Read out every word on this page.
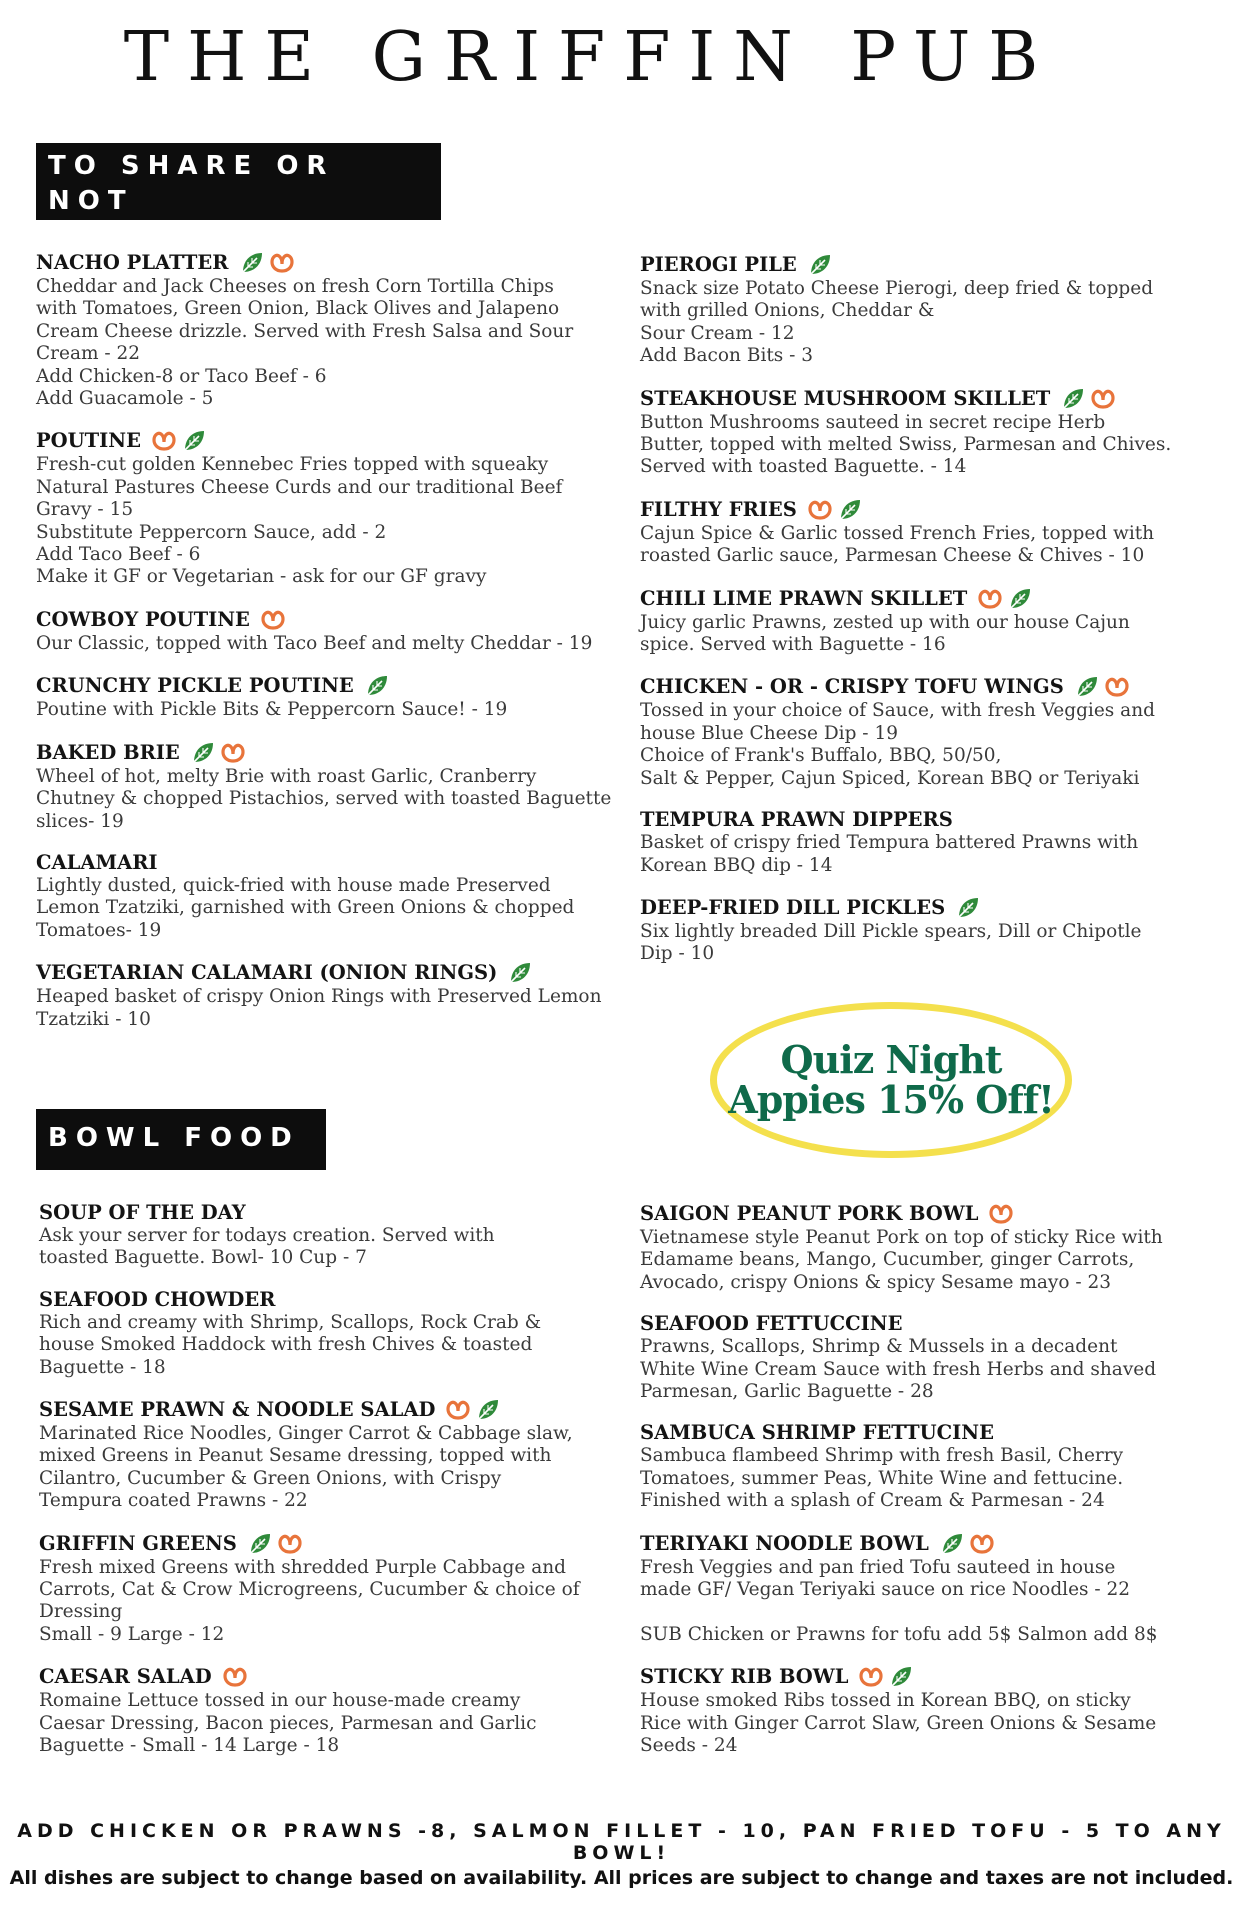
THE GRIFFIN PUB
TO SHARE OR NOT
TO SHARE
NACHO PLATTER
Cheddar and Jack Cheeses on fresh Corn Tortilla Chips
with Tomatoes, Green Onion, Black Olives and Jalapeno
Cream Cheese drizzle. Served with Fresh Salsa and Sour
Cream - 22
Add Chicken-8 or Taco Beef - 6
Add Guacamole - 5
POUTINE
Fresh-cut golden Kennebec Fries topped with squeaky
Natural Pastures Cheese Curds and our traditional Beef
Gravy - 15
Substitute Peppercorn Sauce, add - 2
Add Taco Beef - 6
Make it GF or Vegetarian - ask for our GF gravy
COWBOY POUTINE
Our Classic, topped with Taco Beef and melty Cheddar - 19
CRUNCHY PICKLE POUTINE
Poutine with Pickle Bits & Peppercorn Sauce! - 19
BAKED BRIE
Wheel of hot, melty Brie with roast Garlic, Cranberry
Chutney & chopped Pistachios, served with toasted Baguette
slices- 19
CALAMARI
Lightly dusted, quick-fried with house made Preserved
Lemon Tzatziki, garnished with Green Onions & chopped
Tomatoes- 19
VEGETARIAN CALAMARI (ONION RINGS)
Heaped basket of crispy Onion Rings with Preserved Lemon
Tzatziki - 10
PIEROGI PILE
Snack size Potato Cheese Pierogi, deep fried & topped
with grilled Onions, Cheddar &
Sour Cream - 12
Add Bacon Bits - 3
STEAKHOUSE MUSHROOM SKILLET
Button Mushrooms sauteed in secret recipe Herb
Butter, topped with melted Swiss, Parmesan and Chives.
Served with toasted Baguette. - 14
FILTHY FRIES
Cajun Spice & Garlic tossed French Fries, topped with
roasted Garlic sauce, Parmesan Cheese & Chives - 10
CHILI LIME PRAWN SKILLET
Juicy garlic Prawns, zested up with our house Cajun
spice. Served with Baguette - 16
CHICKEN - OR - CRISPY TOFU WINGS
Tossed in your choice of Sauce, with fresh Veggies and
house Blue Cheese Dip - 19
Choice of Frank's Buffalo, BBQ, 50/50,
Salt & Pepper, Cajun Spiced, Korean BBQ or Teriyaki
TEMPURA PRAWN DIPPERS
Basket of crispy fried Tempura battered Prawns with
Korean BBQ dip - 14
DEEP-FRIED DILL PICKLES
Six lightly breaded Dill Pickle spears, Dill or Chipotle
Dip - 10
Quiz Night
Appies 15% Off!
BOWL FOOD
SOUP OF THE DAY
Ask your server for todays creation. Served with
toasted Baguette. Bowl- 10 Cup - 7
SEAFOOD CHOWDER
Rich and creamy with Shrimp, Scallops, Rock Crab &
house Smoked Haddock with fresh Chives & toasted
Baguette - 18
SESAME PRAWN & NOODLE SALAD
Marinated Rice Noodles, Ginger Carrot & Cabbage slaw,
mixed Greens in Peanut Sesame dressing, topped with
Cilantro, Cucumber & Green Onions, with Crispy
Tempura coated Prawns - 22
GRIFFIN GREENS
Fresh mixed Greens with shredded Purple Cabbage and
Carrots, Cat & Crow Microgreens, Cucumber & choice of
Dressing
Small - 9 Large - 12
CAESAR SALAD
Romaine Lettuce tossed in our house-made creamy
Caesar Dressing, Bacon pieces, Parmesan and Garlic
Baguette - Small - 14 Large - 18
SAIGON PEANUT PORK BOWL
Vietnamese style Peanut Pork on top of sticky Rice with
Edamame beans, Mango, Cucumber, ginger Carrots,
Avocado, crispy Onions & spicy Sesame mayo - 23
SEAFOOD FETTUCCINE
Prawns, Scallops, Shrimp & Mussels in a decadent
White Wine Cream Sauce with fresh Herbs and shaved
Parmesan, Garlic Baguette - 28
SAMBUCA SHRIMP FETTUCINE
Sambuca flambeed Shrimp with fresh Basil, Cherry
Tomatoes, summer Peas, White Wine and fettucine.
Finished with a splash of Cream & Parmesan - 24
TERIYAKI NOODLE BOWL
Fresh Veggies and pan fried Tofu sauteed in house
made GF/ Vegan Teriyaki sauce on rice Noodles - 22

SUB Chicken or Prawns for tofu add 5$ Salmon add 8$
STICKY RIB BOWL
House smoked Ribs tossed in Korean BBQ, on sticky
Rice with Ginger Carrot Slaw, Green Onions & Sesame
Seeds - 24
ADD CHICKEN OR PRAWNS -8, SALMON FILLET - 10, PAN FRIED TOFU - 5 TO ANY BOWL!
All dishes are subject to change based on availability. All prices are subject to change and taxes are not included.
